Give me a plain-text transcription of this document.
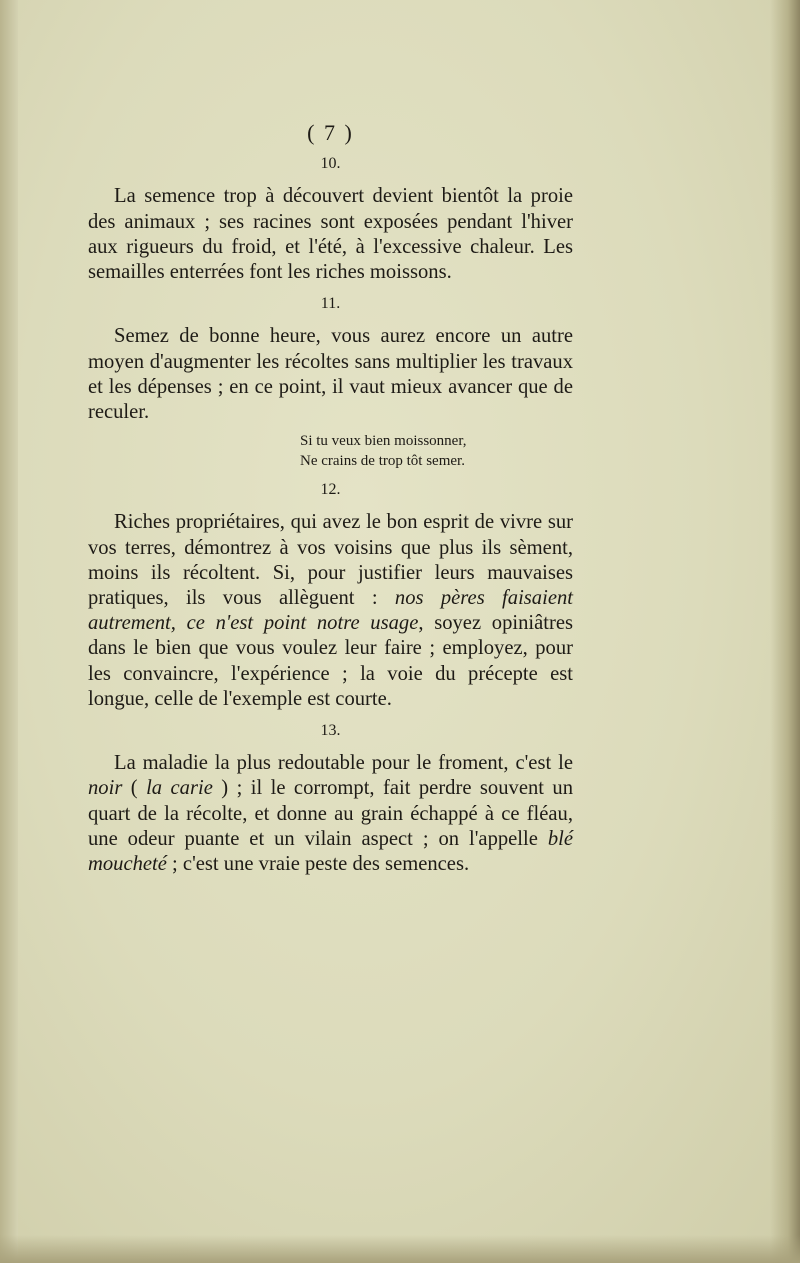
( 7 )
10.

La semence trop à découvert devient bientôt la proie des animaux ; ses racines sont exposées pendant l'hiver aux rigueurs du froid, et l'été, à l'excessive chaleur. Les semailles enterrées font les riches moissons.

11.

Semez de bonne heure, vous aurez encore un autre moyen d'augmenter les récoltes sans multiplier les travaux et les dépenses ; en ce point, il vaut mieux avancer que de reculer.

Si tu veux bien moissonner,
Ne crains de trop tôt semer.
12.

Riches propriétaires, qui avez le bon esprit de vivre sur vos terres, démontrez à vos voisins que plus ils sèment, moins ils récoltent. Si, pour justifier leurs mauvaises pratiques, ils vous allèguent : nos pères faisaient autrement, ce n'est point notre usage, soyez opiniâtres dans le bien que vous voulez leur faire ; employez, pour les convaincre, l'expérience ; la voie du précepte est longue, celle de l'exemple est courte.

13.

La maladie la plus redoutable pour le froment, c'est le noir ( la carie ) ; il le corrompt, fait perdre souvent un quart de la récolte, et donne au grain échappé à ce fléau, une odeur puante et un vilain aspect ; on l'appelle blé moucheté ; c'est une vraie peste des semences.
